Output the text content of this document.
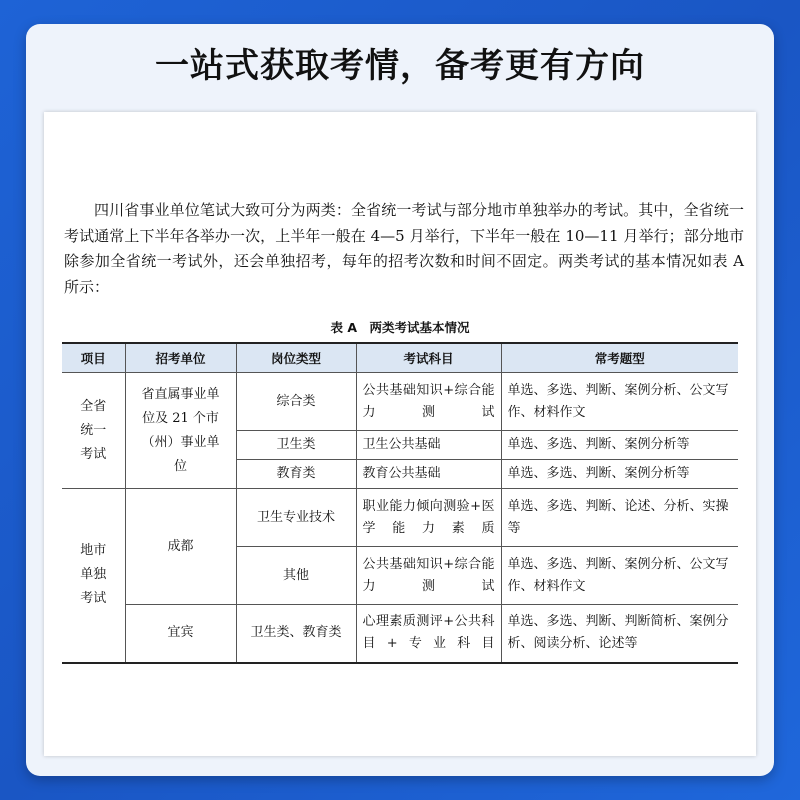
一站式获取考情，备考更有方向

四川省事业单位笔试大致可分为两类：全省统一考试与部分地市单独举办的考试。其中，全省统一考试通常上下半年各举办一次，上半年一般在 4—5 月举行，下半年一般在 10—11 月举行；部分地市除参加全省统一考试外，还会单独招考，每年的招考次数和时间不固定。两类考试的基本情况如表 A 所示：

表 A　两类考试基本情况
项目	招考单位	岗位类型	考试科目	常考题型

全省统一考试	省直属事业单位及 21 个市（州）事业单位	综合类	公共基础知识+综合能力测试	单选、多选、判断、案例分析、公文写作、材料作文
		卫生类	卫生公共基础	单选、多选、判断、案例分析等
		教育类	教育公共基础	单选、多选、判断、案例分析等

地市单独考试	成都	卫生专业技术	职业能力倾向测验+医学能力素质	单选、多选、判断、论述、分析、实操等
		其他	公共基础知识+综合能力测试	单选、多选、判断、案例分析、公文写作、材料作文
	宜宾	卫生类、教育类	心理素质测评+公共科目+专业科目	单选、多选、判断、判断简析、案例分析、阅读分析、论述等
